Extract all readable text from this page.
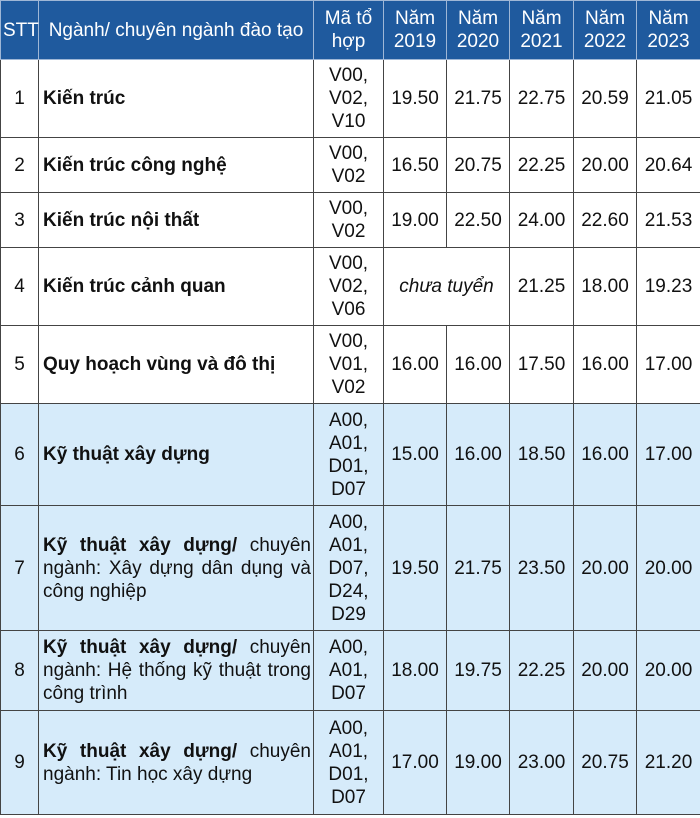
STT	Ngành/ chuyên ngành đào tạo	Mã tổ hợp	Năm 2019	Năm 2020	Năm 2021	Năm 2022	Năm 2023
1	Kiến trúc	V00, V02, V10	19.50	21.75	22.75	20.59	21.05
2	Kiến trúc công nghệ	V00, V02	16.50	20.75	22.25	20.00	20.64
3	Kiến trúc nội thất	V00, V02	19.00	22.50	24.00	22.60	21.53
4	Kiến trúc cảnh quan	V00, V02, V06	chưa tuyển		21.25	18.00	19.23
5	Quy hoạch vùng và đô thị	V00, V01, V02	16.00	16.00	17.50	16.00	17.00
6	Kỹ thuật xây dựng	A00, A01, D01, D07	15.00	16.00	18.50	16.00	17.00
7	Kỹ thuật xây dựng/ chuyên ngành: Xây dựng dân dụng và công nghiệp	A00, A01, D07, D24, D29	19.50	21.75	23.50	20.00	20.00
8	Kỹ thuật xây dựng/ chuyên ngành: Hệ thống kỹ thuật trong công trình	A00, A01, D07	18.00	19.75	22.25	20.00	20.00
9	Kỹ thuật xây dựng/ chuyên ngành: Tin học xây dựng	A00, A01, D01, D07	17.00	19.00	23.00	20.75	21.20
